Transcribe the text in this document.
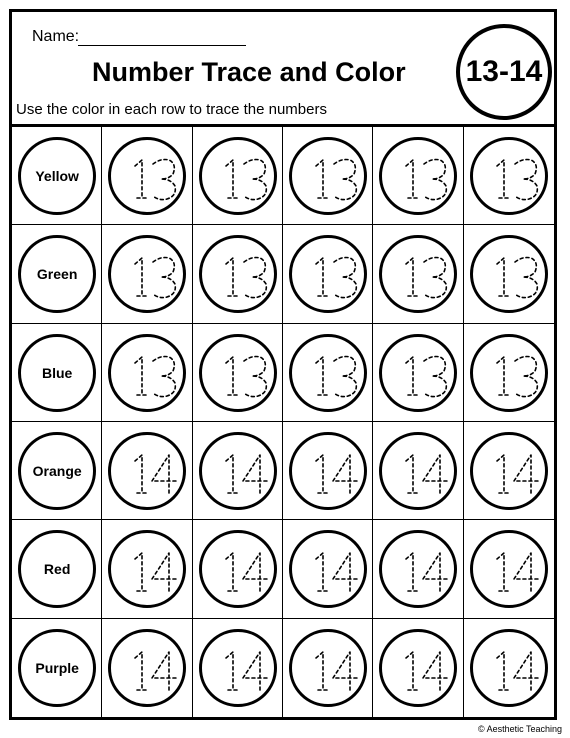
Name:
Number Trace and Color	13-14
Use the color in each row to trace the numbers
Yellow
Green
Blue
Orange
Red
Purple
© Aesthetic Teaching
